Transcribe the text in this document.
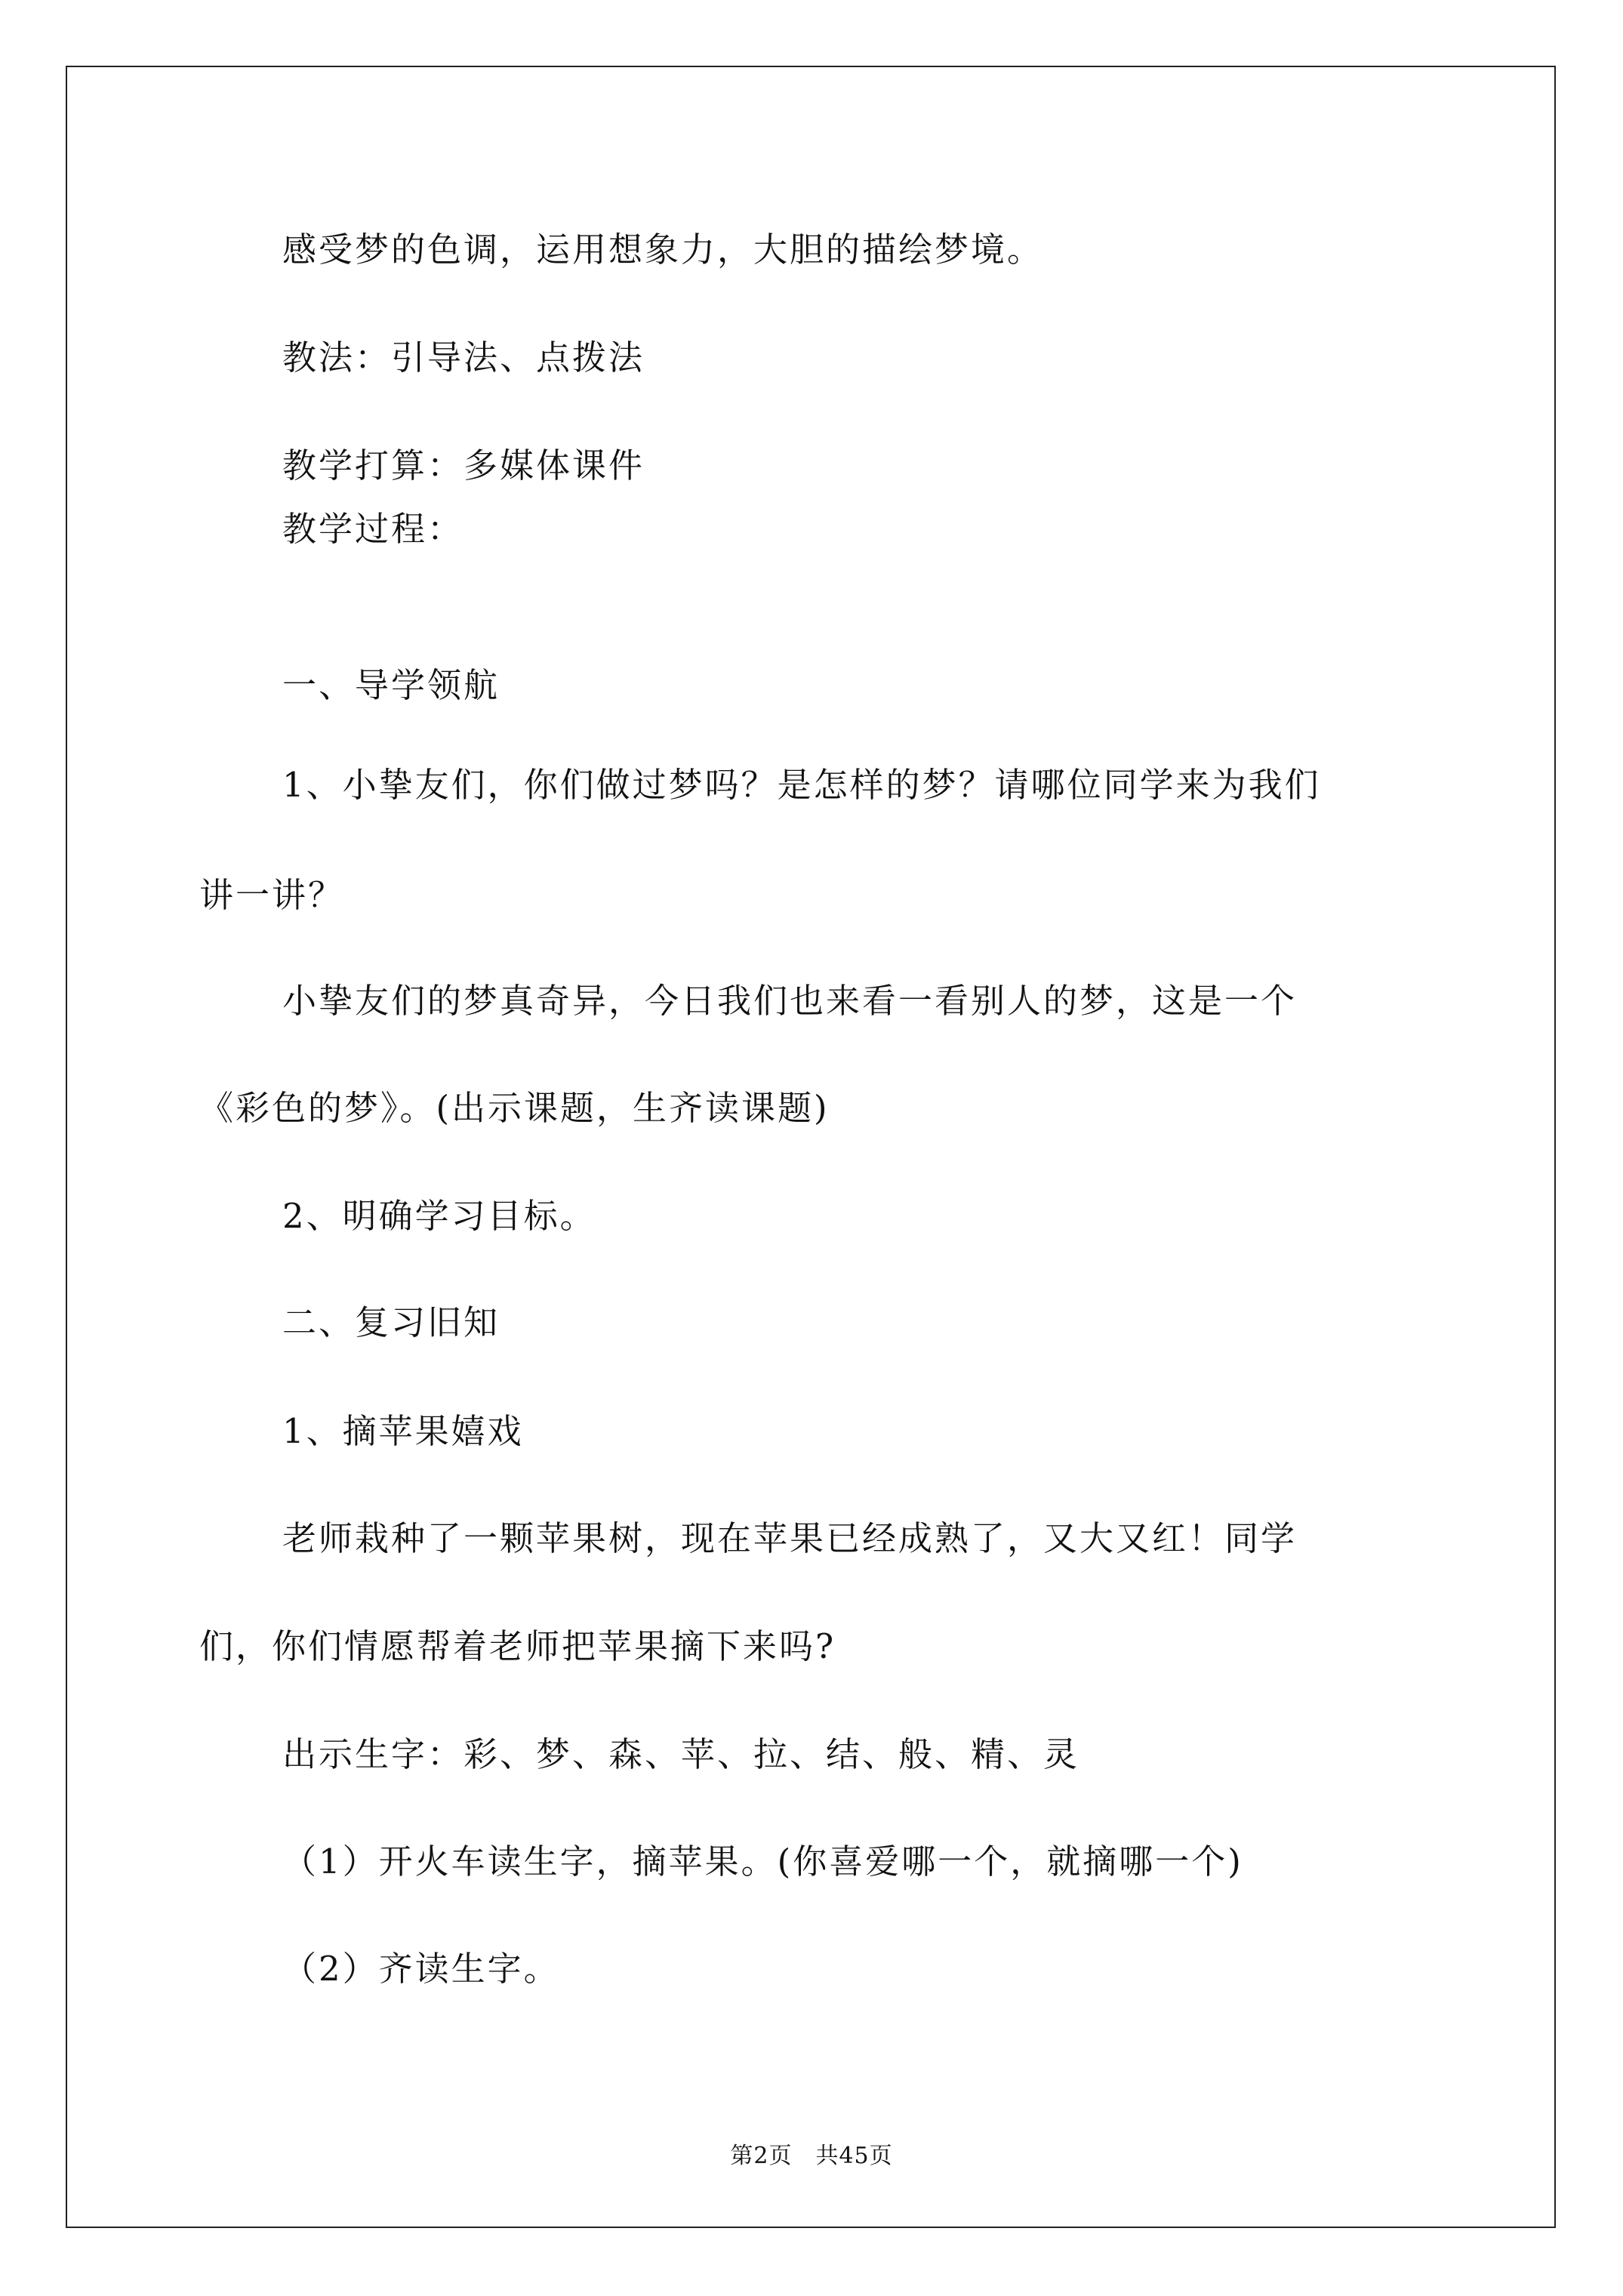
感受梦的色调，运用想象力，大胆的描绘梦境。
教法：引导法、点拨法
教学打算：多媒体课件
教学过程：
一、导学领航
1、小挚友们，你们做过梦吗？是怎样的梦？请哪位同学来为我们
讲一讲？
小挚友们的梦真奇异，今日我们也来看一看别人的梦，这是一个
《彩色的梦》。(出示课题，生齐读课题)
2、明确学习目标。
二、复习旧知
1、摘苹果嬉戏
老师栽种了一颗苹果树，现在苹果已经成熟了，又大又红！同学
们，你们情愿帮着老师把苹果摘下来吗?
出示生字：彩、梦、森、苹、拉、结、般、精、灵
（1）开火车读生字，摘苹果。(你喜爱哪一个，就摘哪一个)
（2）齐读生字。
第2页　共45页
